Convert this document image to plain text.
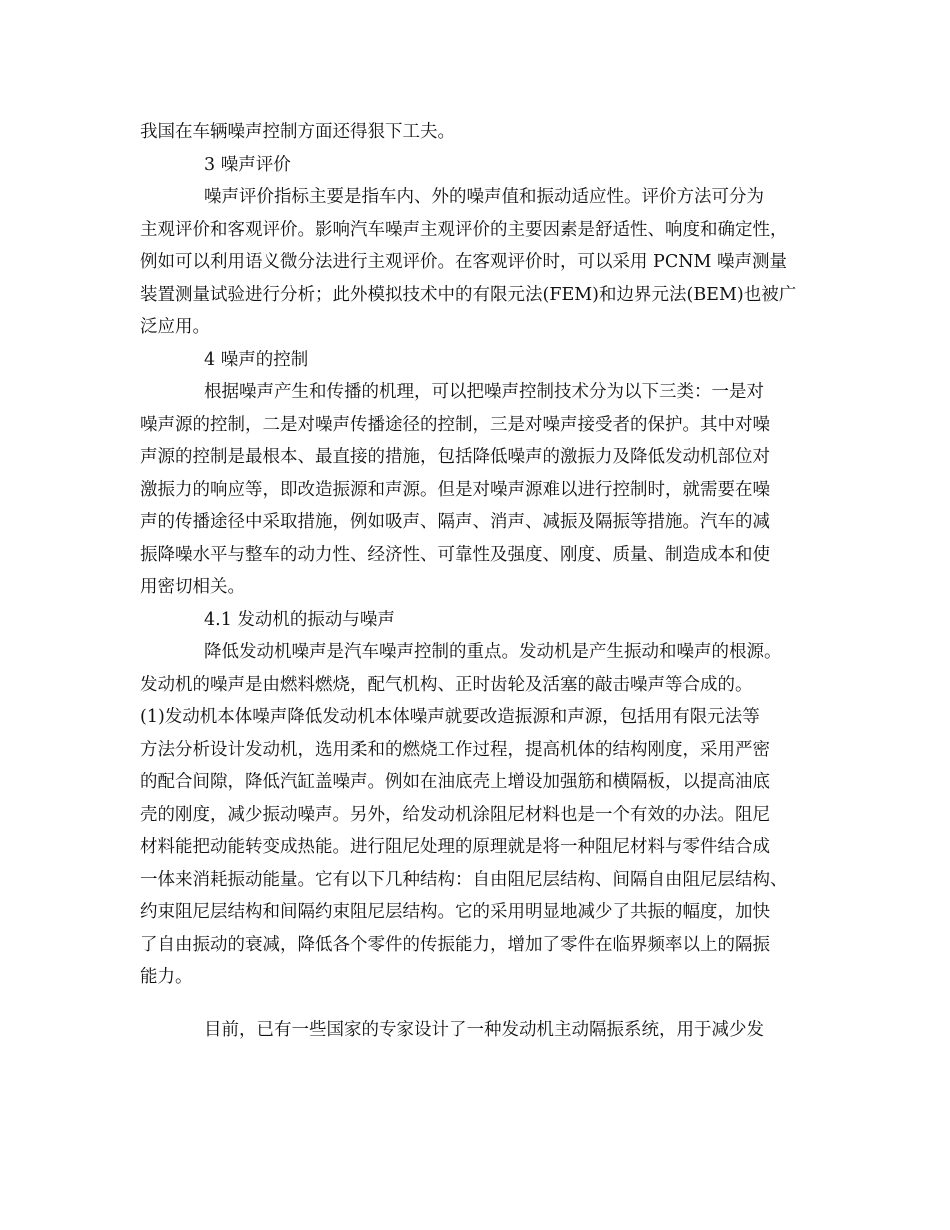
我国在车辆噪声控制方面还得狠下工夫。
3 噪声评价
噪声评价指标主要是指车内、外的噪声值和振动适应性。评价方法可分为
主观评价和客观评价。影响汽车噪声主观评价的主要因素是舒适性、响度和确定性，
例如可以利用语义微分法进行主观评价。在客观评价时，可以采用 PCNM 噪声测量
装置测量试验进行分析；此外模拟技术中的有限元法(FEM)和边界元法(BEM)也被广
泛应用。
4 噪声的控制
根据噪声产生和传播的机理，可以把噪声控制技术分为以下三类：一是对
噪声源的控制，二是对噪声传播途径的控制，三是对噪声接受者的保护。其中对噪
声源的控制是最根本、最直接的措施，包括降低噪声的激振力及降低发动机部位对
激振力的响应等，即改造振源和声源。但是对噪声源难以进行控制时，就需要在噪
声的传播途径中采取措施，例如吸声、隔声、消声、减振及隔振等措施。汽车的减
振降噪水平与整车的动力性、经济性、可靠性及强度、刚度、质量、制造成本和使
用密切相关。
4.1 发动机的振动与噪声
降低发动机噪声是汽车噪声控制的重点。发动机是产生振动和噪声的根源。
发动机的噪声是由燃料燃烧，配气机构、正时齿轮及活塞的敲击噪声等合成的。
(1)发动机本体噪声降低发动机本体噪声就要改造振源和声源，包括用有限元法等
方法分析设计发动机，选用柔和的燃烧工作过程，提高机体的结构刚度，采用严密
的配合间隙，降低汽缸盖噪声。例如在油底壳上增设加强筋和横隔板，以提高油底
壳的刚度，减少振动噪声。另外，给发动机涂阻尼材料也是一个有效的办法。阻尼
材料能把动能转变成热能。进行阻尼处理的原理就是将一种阻尼材料与零件结合成
一体来消耗振动能量。它有以下几种结构：自由阻尼层结构、间隔自由阻尼层结构、
约束阻尼层结构和间隔约束阻尼层结构。它的采用明显地减少了共振的幅度，加快
了自由振动的衰减，降低各个零件的传振能力，增加了零件在临界频率以上的隔振
能力。
目前，已有一些国家的专家设计了一种发动机主动隔振系统，用于减少发
